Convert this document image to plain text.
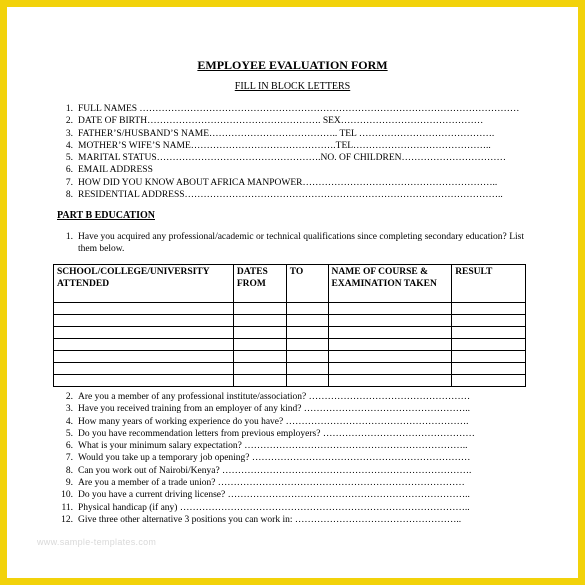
EMPLOYEE EVALUATION FORM
FILL IN BLOCK LETTERS
1. FULL NAMES …………………………………………………………………………………………………………
2. DATE OF BIRTH………………………………………………. SEX………………………………………
3. FATHER’S/HUSBAND’S NAME………………………………….. TEL …………………………………….
4. MOTHER’S WIFE’S NAME……………………………………….TEL……………………………………..
5. MARITAL STATUS…………………………………………….NO. OF CHILDREN……………………………
6. EMAIL ADDRESS
7. HOW DID YOU KNOW ABOUT AFRICA MANPOWER……………………………………………………..
8. RESIDENTIAL ADDRESS………………………………………………………………………………………..
PART B EDUCATION
1. Have you acquired any professional/academic or technical qualifications since completing secondary education? List them below.
SCHOOL/COLLEGE/UNIVERSITY ATTENDED	DATES FROM	TO	NAME OF COURSE & EXAMINATION TAKEN	RESULT

2. Are you a member of any professional institute/association? ……………………………………………
3. Have you received training from an employer of any kind? ……………………………………………..
4. How many years of working experience do you have? ………………………………………………….
5. Do you have recommendation letters from previous employers? …………………………………………
6. What is your minimum salary expectation? ……………………………………………………………..
7. Would you take up a temporary job opening? ……………………………………………………………
8. Can you work out of Nairobi/Kenya? …………………………………………………………………….
9. Are you a member of a trade union? ……………………………………………………………………
10. Do you have a current driving license? …………………………………………………………………..
11. Physical handicap (if any) ………………………………………………………………………………..
12. Give three other alternative 3 positions you can work in: ……………………………………………..
www.sample-templates.com
